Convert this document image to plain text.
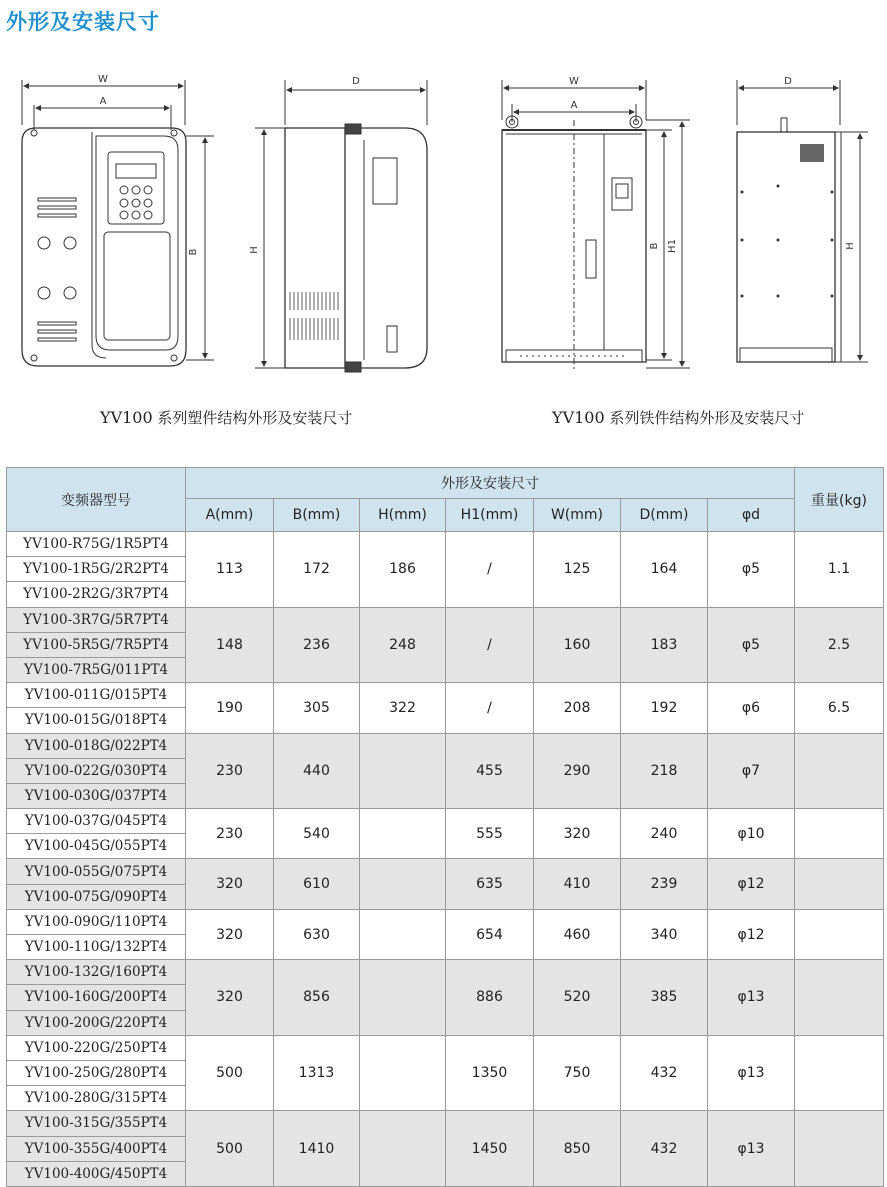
外形及安装尺寸
W
A
B
D
H
W
A
B H1
D
H
YV100 系列塑件结构外形及安装尺寸	YV100 系列铁件结构外形及安装尺寸
变频器型号	外形及安装尺寸							重量(kg)
	A(mm)	B(mm)	H(mm)	H1(mm)	W(mm)	D(mm)	φd	
YV100-R75G/1R5PT4	113	172	186	/	125	164	φ5	1.1
YV100-1R5G/2R2PT4								
YV100-2R2G/3R7PT4								
YV100-3R7G/5R7PT4	148	236	248	/	160	183	φ5	2.5
YV100-5R5G/7R5PT4								
YV100-7R5G/011PT4								
YV100-011G/015PT4	190	305	322	/	208	192	φ6	6.5
YV100-015G/018PT4								
YV100-018G/022PT4	230	440		455	290	218	φ7	
YV100-022G/030PT4								
YV100-030G/037PT4								
YV100-037G/045PT4	230	540		555	320	240	φ10	
YV100-045G/055PT4								
YV100-055G/075PT4	320	610		635	410	239	φ12	
YV100-075G/090PT4								
YV100-090G/110PT4	320	630		654	460	340	φ12	
YV100-110G/132PT4								
YV100-132G/160PT4	320	856		886	520	385	φ13	
YV100-160G/200PT4								
YV100-200G/220PT4								
YV100-220G/250PT4	500	1313		1350	750	432	φ13	
YV100-250G/280PT4								
YV100-280G/315PT4								
YV100-315G/355PT4	500	1410		1450	850	432	φ13	
YV100-355G/400PT4								
YV100-400G/450PT4								
